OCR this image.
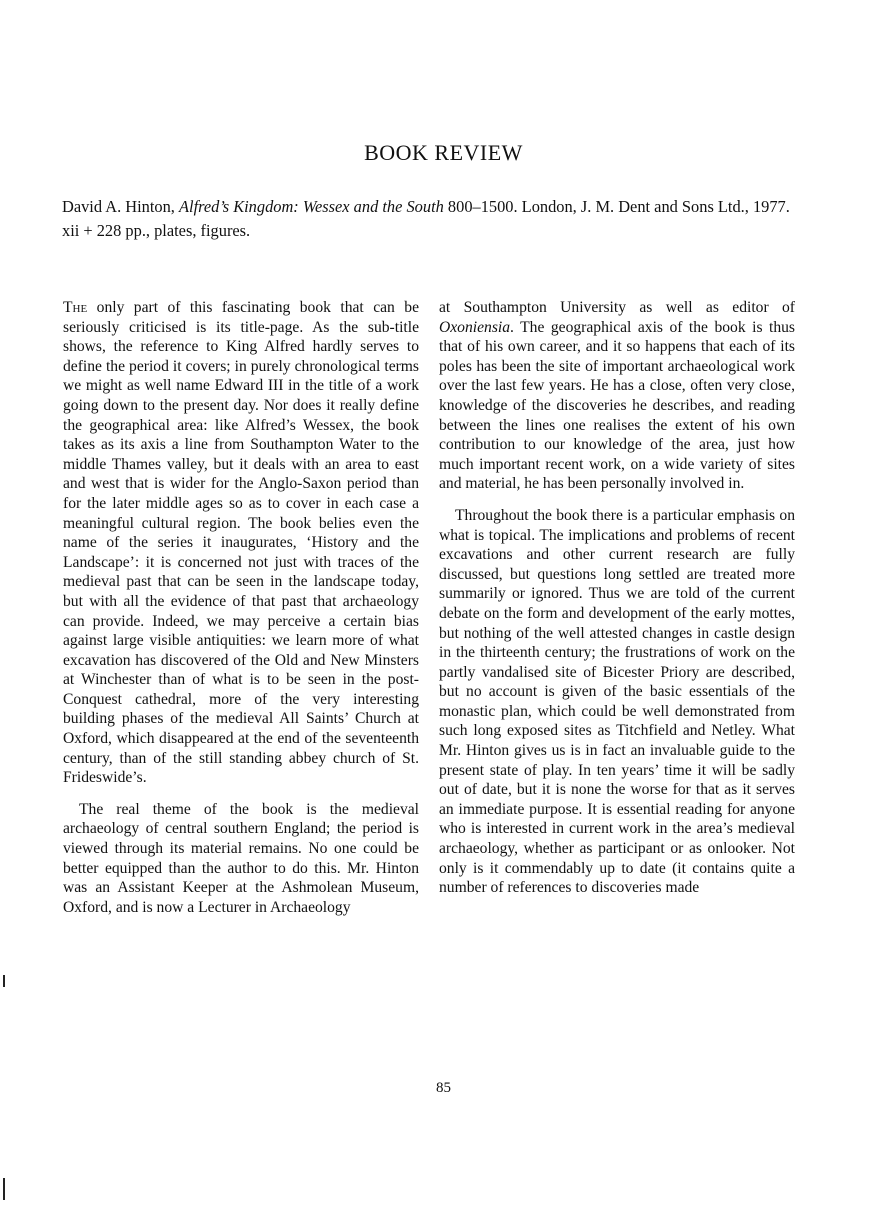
BOOK REVIEW

David A. Hinton, Alfred’s Kingdom: Wessex and the South 800–1500. London, J. M. Dent and Sons Ltd., 1977. xii + 228 pp., plates, figures.

The only part of this fascinating book that can be seriously criticised is its title-page. As the sub-title shows, the reference to King Alfred hardly serves to define the period it covers; in purely chronological terms we might as well name Edward III in the title of a work going down to the present day. Nor does it really define the geographical area: like Alfred’s Wessex, the book takes as its axis a line from Southampton Water to the middle Thames valley, but it deals with an area to east and west that is wider for the Anglo-Saxon period than for the later middle ages so as to cover in each case a meaningful cultural region. The book belies even the name of the series it inaugurates, ‘History and the Landscape’: it is concerned not just with traces of the medieval past that can be seen in the landscape today, but with all the evidence of that past that archaeology can provide. Indeed, we may perceive a certain bias against large visible antiquities: we learn more of what excavation has discovered of the Old and New Minsters at Winchester than of what is to be seen in the post-Conquest cathedral, more of the very interesting building phases of the medieval All Saints’ Church at Oxford, which disappeared at the end of the seventeenth century, than of the still standing abbey church of St. Frideswide’s.

The real theme of the book is the medieval archaeology of central southern England; the period is viewed through its material remains. No one could be better equipped than the author to do this. Mr. Hinton was an Assistant Keeper at the Ashmolean Museum, Oxford, and is now a Lecturer in Archaeology

at Southampton University as well as editor of Oxoniensia. The geographical axis of the book is thus that of his own career, and it so happens that each of its poles has been the site of important archaeological work over the last few years. He has a close, often very close, knowledge of the discoveries he describes, and reading between the lines one realises the extent of his own contribution to our knowledge of the area, just how much important recent work, on a wide variety of sites and material, he has been personally involved in.

Throughout the book there is a particular emphasis on what is topical. The implications and problems of recent excavations and other current research are fully discussed, but questions long settled are treated more summarily or ignored. Thus we are told of the current debate on the form and development of the early mottes, but nothing of the well attested changes in castle design in the thirteenth century; the frustrations of work on the partly vandalised site of Bicester Priory are described, but no account is given of the basic essentials of the monastic plan, which could be well demonstrated from such long exposed sites as Titchfield and Netley. What Mr. Hinton gives us is in fact an invaluable guide to the present state of play. In ten years’ time it will be sadly out of date, but it is none the worse for that as it serves an immediate purpose. It is essential reading for anyone who is interested in current work in the area’s medieval archaeology, whether as participant or as onlooker. Not only is it commendably up to date (it contains quite a number of references to discoveries made

85
